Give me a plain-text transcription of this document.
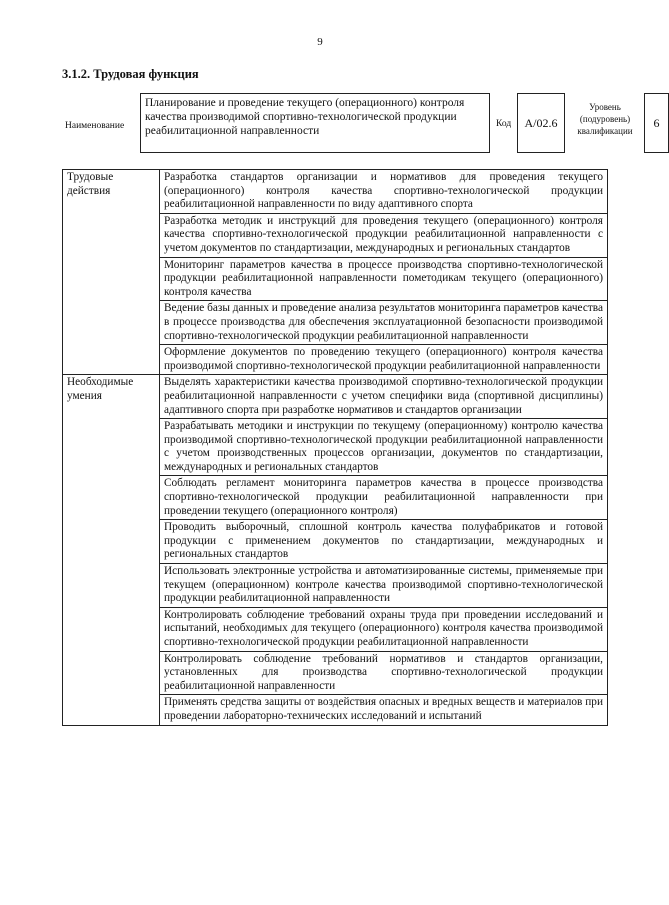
9
3.1.2. Трудовая функция
Наименование
Планирование и проведение текущего (операционного) контроля качества производимой спортивно-технологической продукции реабилитационной направленности
Код	A/02.6
Уровень (подуровень) квалификации
6
Трудовые действия	Разработка стандартов организации и нормативов для проведения текущего (операционного) контроля качества спортивно-технологической продукции реабилитационной направленности по виду адаптивного спорта
	Разработка методик и инструкций для проведения текущего (операционного) контроля качества спортивно-технологической продукции реабилитационной направленности с учетом документов по стандартизации, международных и региональных стандартов
	Мониторинг параметров качества в процессе производства спортивно-технологической продукции реабилитационной направленности пометодикам текущего (операционного) контроля качества
	Ведение базы данных и проведение анализа результатов мониторинга параметров качества в процессе производства для обеспечения эксплуатационной безопасности производимой спортивно-технологической продукции реабилитационной направленности
	Оформление документов по проведению текущего (операционного) контроля качества производимой спортивно-технологической продукции реабилитационной направленности
Необходимые умения	Выделять характеристики качества производимой спортивно-технологической продукции реабилитационной направленности с учетом специфики вида (спортивной дисциплины) адаптивного спорта при разработке нормативов и стандартов организации
	Разрабатывать методики и инструкции по текущему (операционному) контролю качества производимой спортивно-технологической продукции реабилитационной направленности с учетом производственных процессов организации, документов по стандартизации, международных и региональных стандартов
	Соблюдать регламент мониторинга параметров качества в процессе производства спортивно-технологической продукции реабилитационной направленности при проведении текущего (операционного контроля)
	Проводить выборочный, сплошной контроль качества полуфабрикатов и готовой продукции с применением документов по стандартизации, международных и региональных стандартов
	Использовать электронные устройства и автоматизированные системы, применяемые при текущем (операционном) контроле качества производимой спортивно-технологической продукции реабилитационной направленности
	Контролировать соблюдение требований охраны труда при проведении исследований и испытаний, необходимых для текущего (операционного) контроля качества производимой спортивно-технологической продукции реабилитационной направленности
	Контролировать соблюдение требований нормативов и стандартов организации, установленных для производства спортивно-технологической продукции реабилитационной направленности
	Применять средства защиты от воздействия опасных и вредных веществ и материалов при проведении лабораторно-технических исследований и испытаний
